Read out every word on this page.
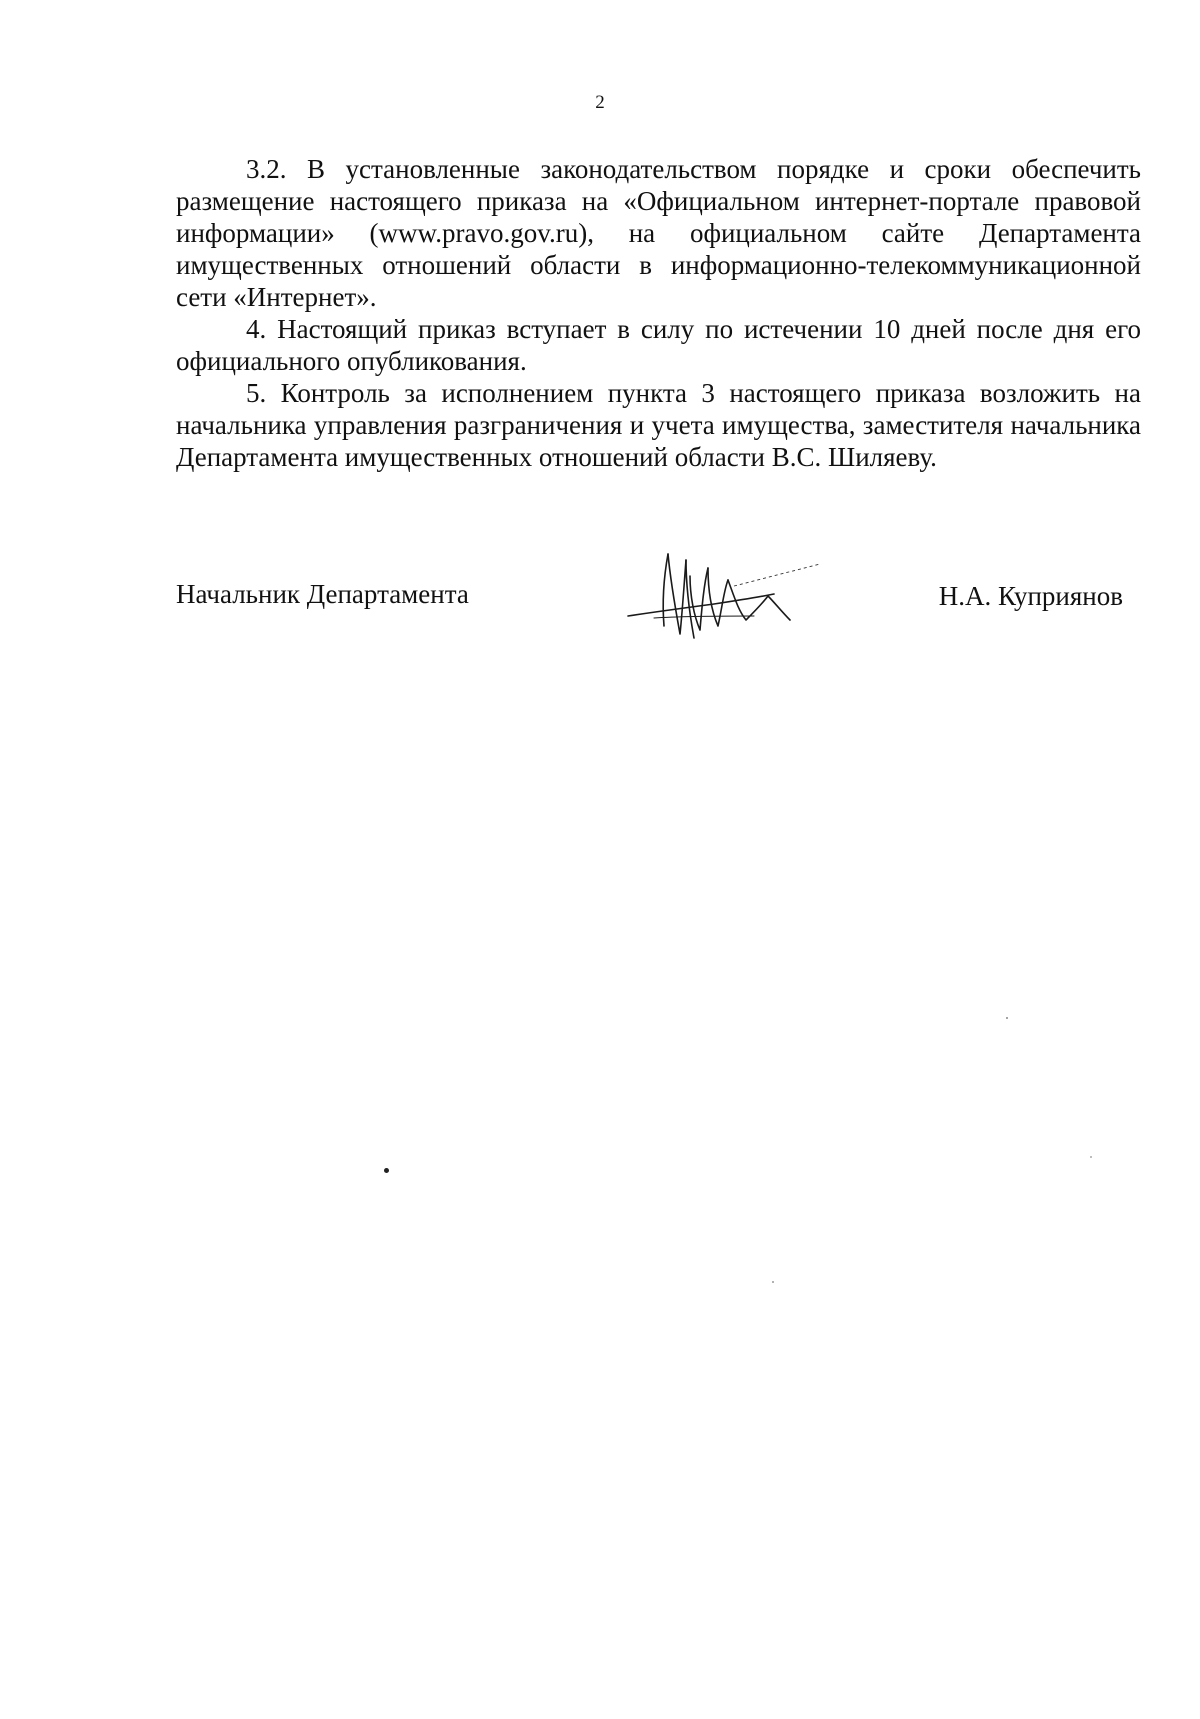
2

3.2. В установленные законодательством порядке и сроки обеспечить размещение настоящего приказа на «Официальном интернет-портале правовой информации» (www.pravo.gov.ru), на официальном сайте Департамента имущественных отношений области в информационно-телекоммуникационной сети «Интернет».

4. Настоящий приказ вступает в силу по истечении 10 дней после дня его официального опубликования.

5. Контроль за исполнением пункта 3 настоящего приказа возложить на начальника управления разграничения и учета имущества, заместителя начальника Департамента имущественных отношений области В.С. Шиляеву.

Начальник Департамента	Н.А. Куприянов
